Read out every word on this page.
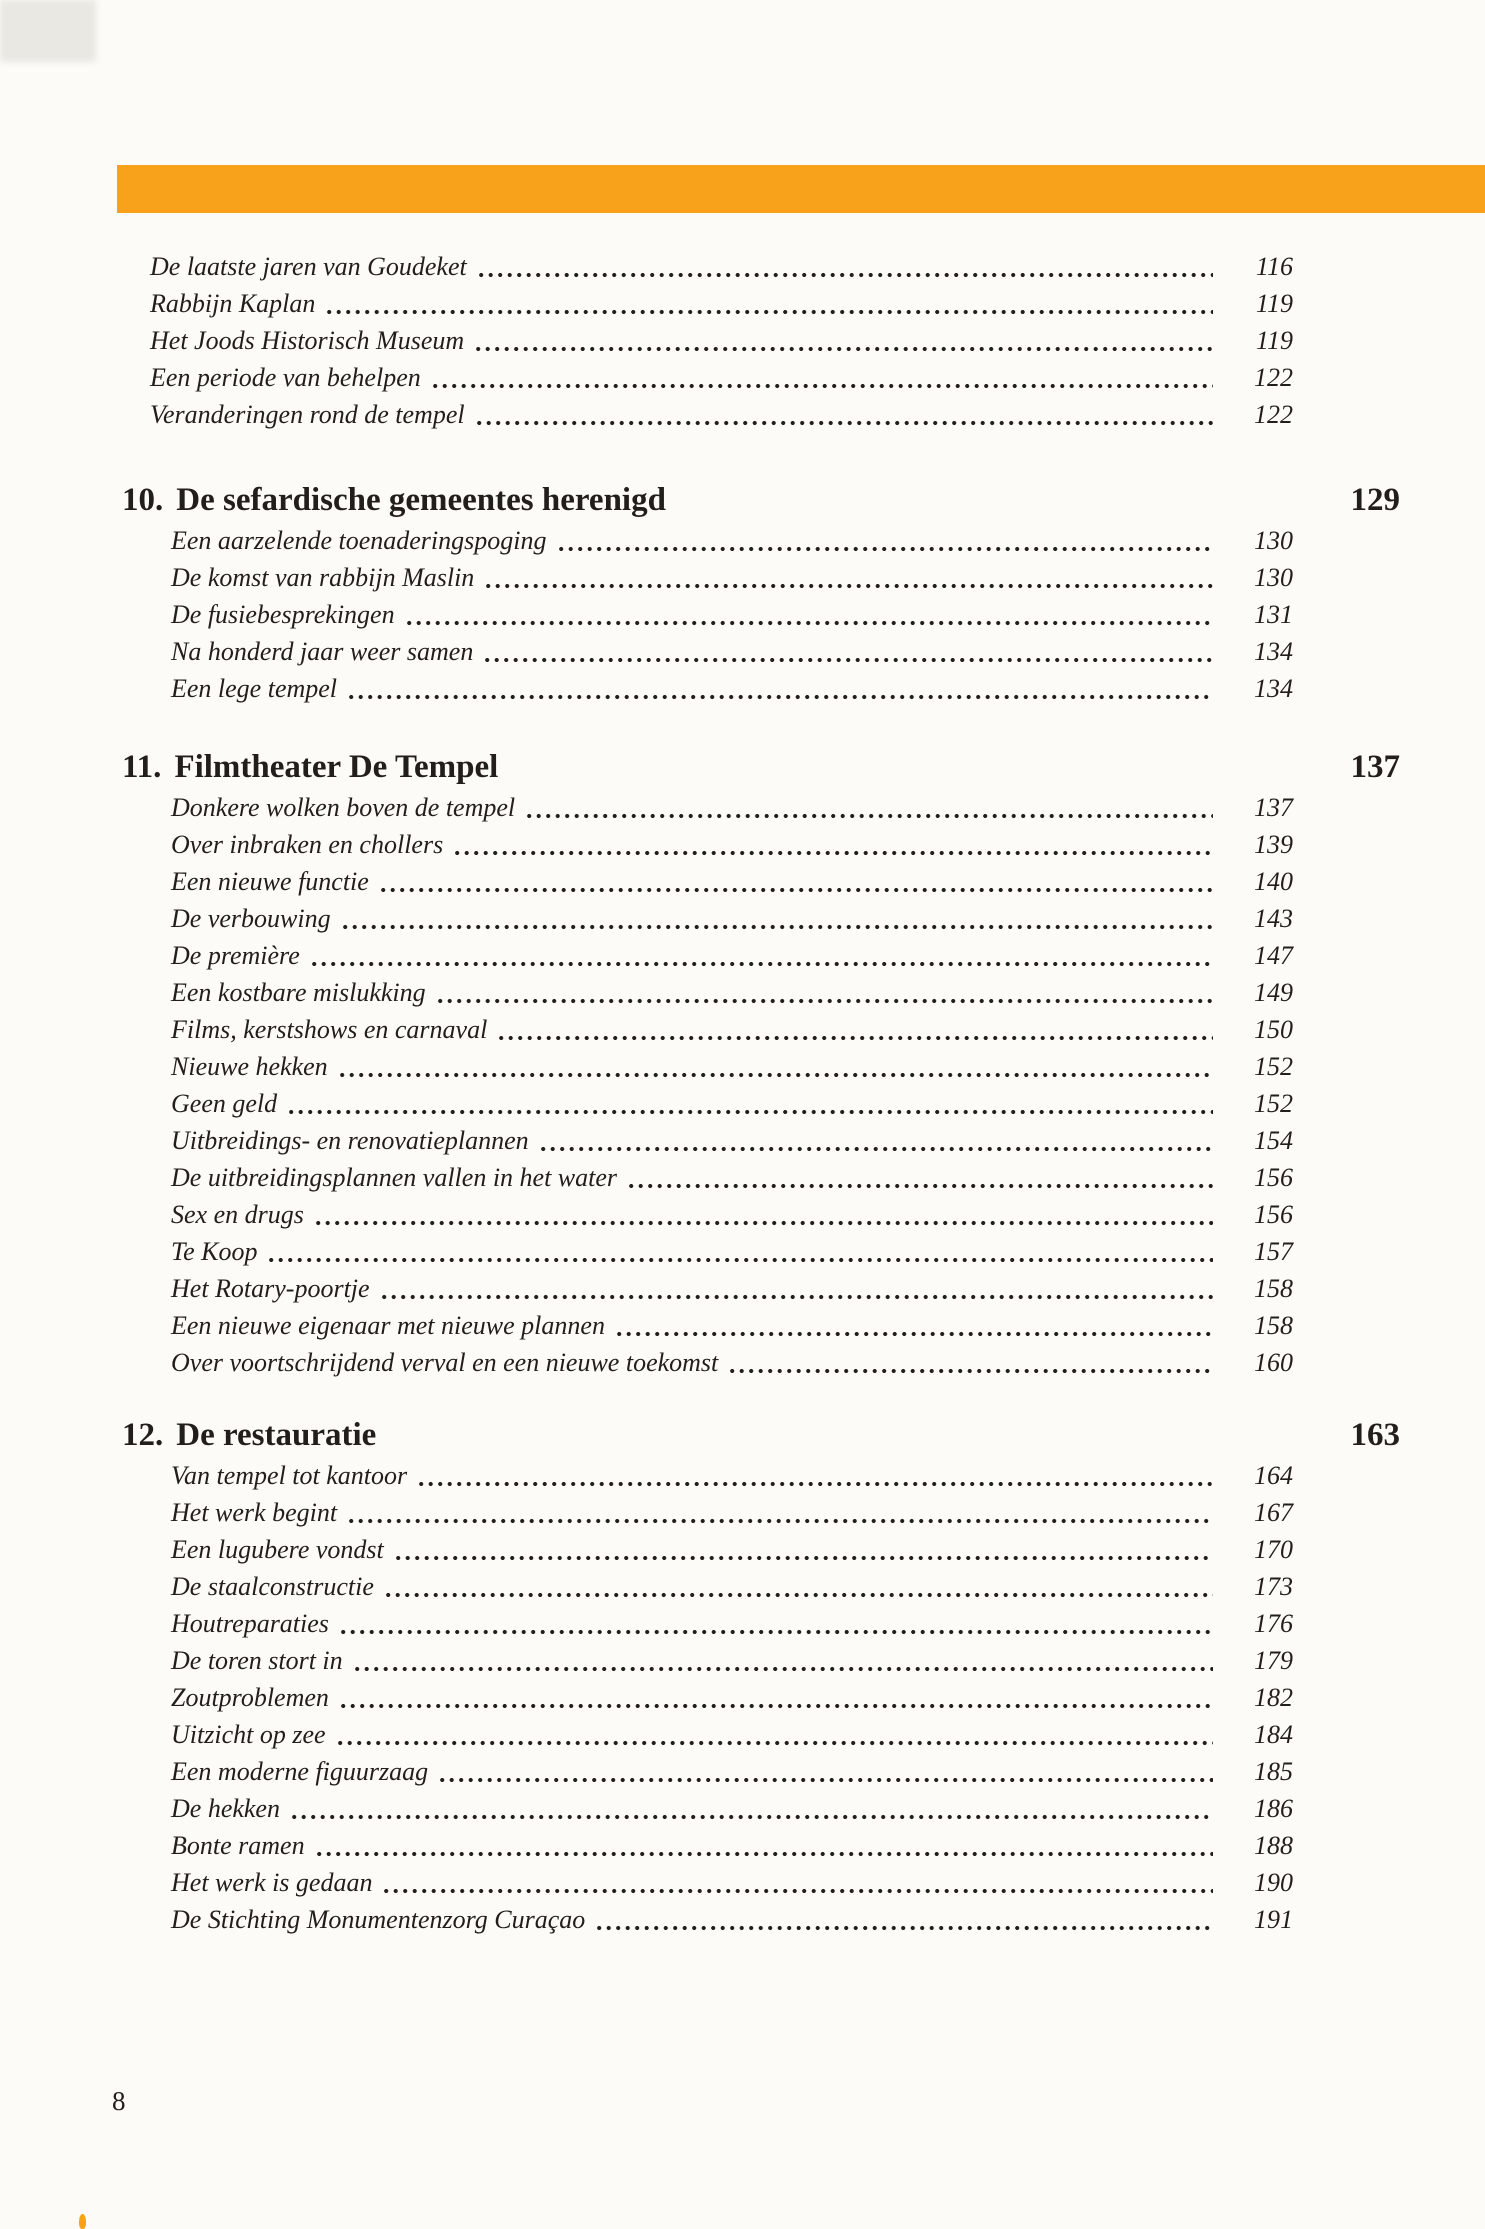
De laatste jaren van Goudeket	116
Rabbijn Kaplan	119
Het Joods Historisch Museum	119
Een periode van behelpen	122
Veranderingen rond de tempel	122
10. De sefardische gemeentes herenigd	129
Een aarzelende toenaderingspoging	130
De komst van rabbijn Maslin	130
De fusiebesprekingen	131
Na honderd jaar weer samen	134
Een lege tempel	134
11. Filmtheater De Tempel	137
Donkere wolken boven de tempel	137
Over inbraken en chollers	139
Een nieuwe functie	140
De verbouwing	143
De première	147
Een kostbare mislukking	149
Films, kerstshows en carnaval	150
Nieuwe hekken	152
Geen geld	152
Uitbreidings- en renovatieplannen	154
De uitbreidingsplannen vallen in het water	156
Sex en drugs	156
Te Koop	157
Het Rotary-poortje	158
Een nieuwe eigenaar met nieuwe plannen	158
Over voortschrijdend verval en een nieuwe toekomst	160
12. De restauratie	163
Van tempel tot kantoor	164
Het werk begint	167
Een lugubere vondst	170
De staalconstructie	173
Houtreparaties	176
De toren stort in	179
Zoutproblemen	182
Uitzicht op zee	184
Een moderne figuurzaag	185
De hekken	186
Bonte ramen	188
Het werk is gedaan	190
De Stichting Monumentenzorg Curaçao	191
8
